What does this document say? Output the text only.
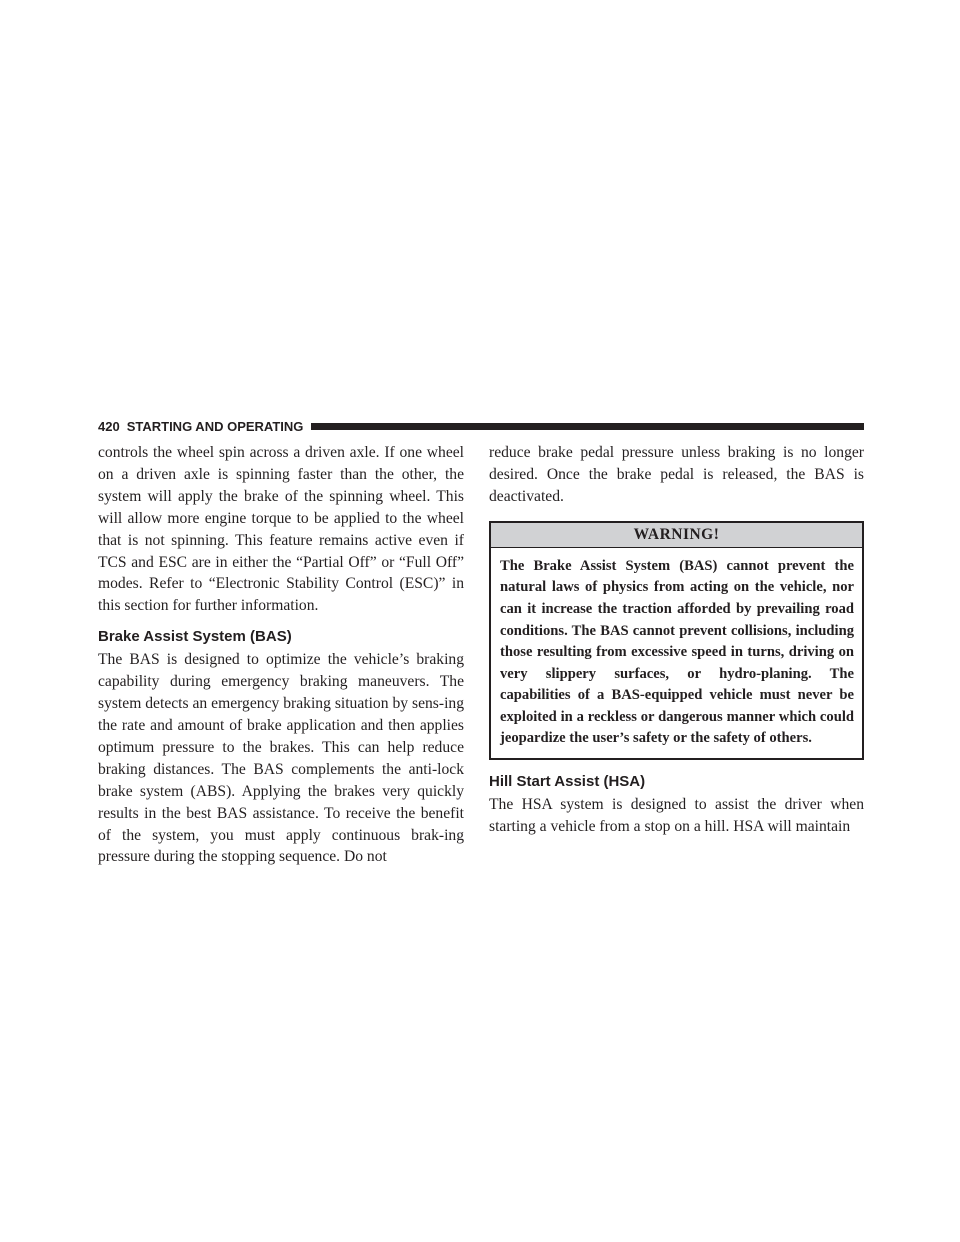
420 STARTING AND OPERATING

controls the wheel spin across a driven axle. If one wheel on a driven axle is spinning faster than the other, the system will apply the brake of the spinning wheel. This will allow more engine torque to be applied to the wheel that is not spinning. This feature remains active even if TCS and ESC are in either the “Partial Off” or “Full Off” modes. Refer to “Electronic Stability Control (ESC)” in this section for further information.

Brake Assist System (BAS)

The BAS is designed to optimize the vehicle’s braking capability during emergency braking maneuvers. The system detects an emergency braking situation by sens-ing the rate and amount of brake application and then applies optimum pressure to the brakes. This can help reduce braking distances. The BAS complements the anti-lock brake system (ABS). Applying the brakes very quickly results in the best BAS assistance. To receive the benefit of the system, you must apply continuous brak-ing pressure during the stopping sequence. Do not

reduce brake pedal pressure unless braking is no longer desired. Once the brake pedal is released, the BAS is deactivated.

WARNING!

The Brake Assist System (BAS) cannot prevent the natural laws of physics from acting on the vehicle, nor can it increase the traction afforded by prevailing road conditions. The BAS cannot prevent collisions, including those resulting from excessive speed in turns, driving on very slippery surfaces, or hydro-planing. The capabilities of a BAS-equipped vehicle must never be exploited in a reckless or dangerous manner which could jeopardize the user’s safety or the safety of others.

Hill Start Assist (HSA)

The HSA system is designed to assist the driver when starting a vehicle from a stop on a hill. HSA will maintain
